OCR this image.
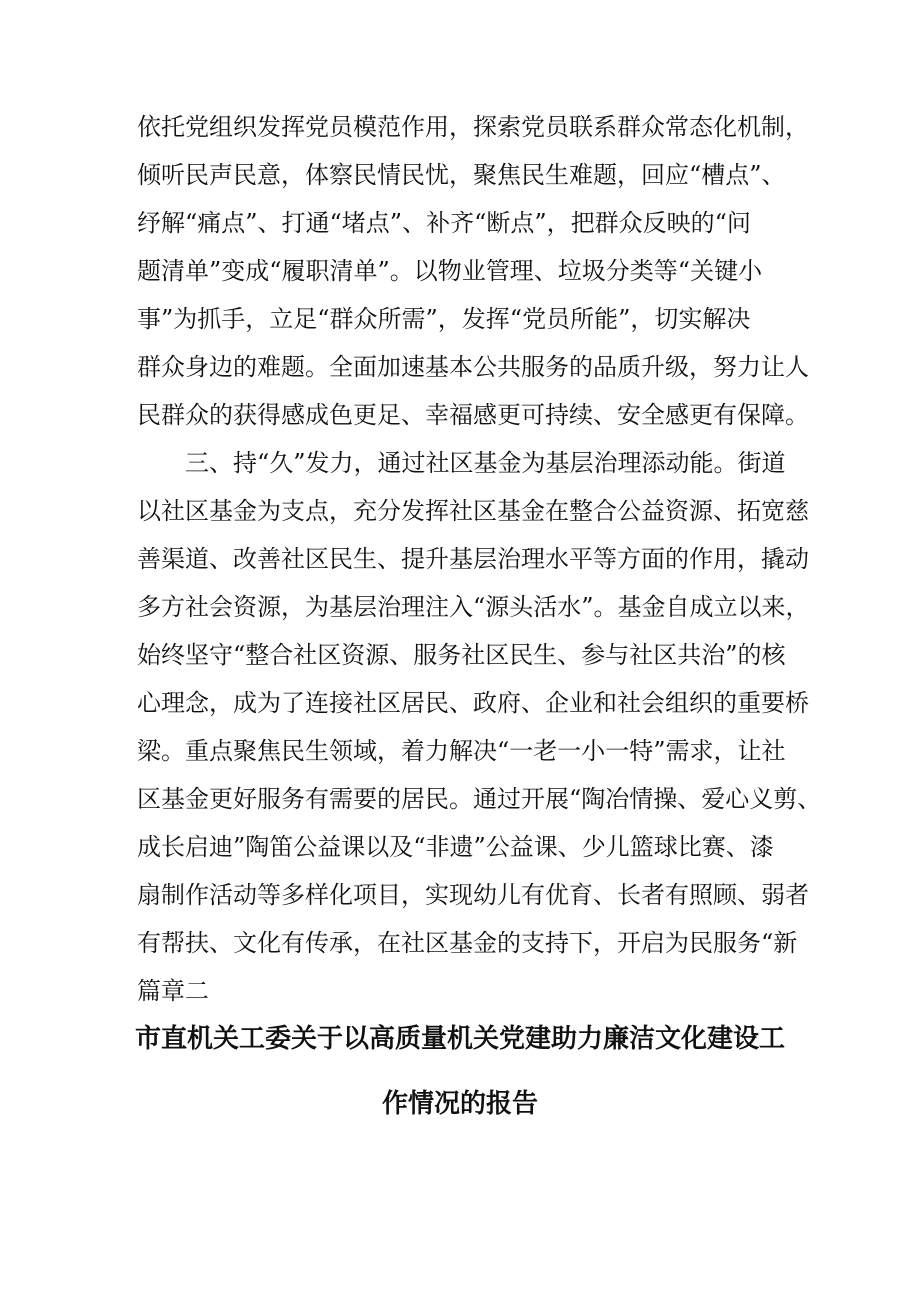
依托党组织发挥党员模范作用，探索党员联系群众常态化机制，
倾听民声民意，体察民情民忧，聚焦民生难题，回应“槽点”、
纾解“痛点”、打通“堵点”、补齐“断点”，把群众反映的“问
题清单”变成“履职清单”。以物业管理、垃圾分类等“关键小
事”为抓手，立足“群众所需”，发挥“党员所能”，切实解决
群众身边的难题。全面加速基本公共服务的品质升级，努力让人
民群众的获得感成色更足、幸福感更可持续、安全感更有保障。
三、持“久”发力，通过社区基金为基层治理添动能。街道
以社区基金为支点，充分发挥社区基金在整合公益资源、拓宽慈
善渠道、改善社区民生、提升基层治理水平等方面的作用，撬动
多方社会资源，为基层治理注入“源头活水”。基金自成立以来，
始终坚守“整合社区资源、服务社区民生、参与社区共治”的核
心理念，成为了连接社区居民、政府、企业和社会组织的重要桥
梁。重点聚焦民生领域，着力解决“一老一小一特”需求，让社
区基金更好服务有需要的居民。通过开展“陶冶情操、爱心义剪、
成长启迪”陶笛公益课以及“非遗”公益课、少儿篮球比赛、漆
扇制作活动等多样化项目，实现幼儿有优育、长者有照顾、弱者
有帮扶、文化有传承，在社区基金的支持下，开启为民服务“新
篇章二
市直机关工委关于以高质量机关党建助力廉洁文化建设工
作情况的报告
